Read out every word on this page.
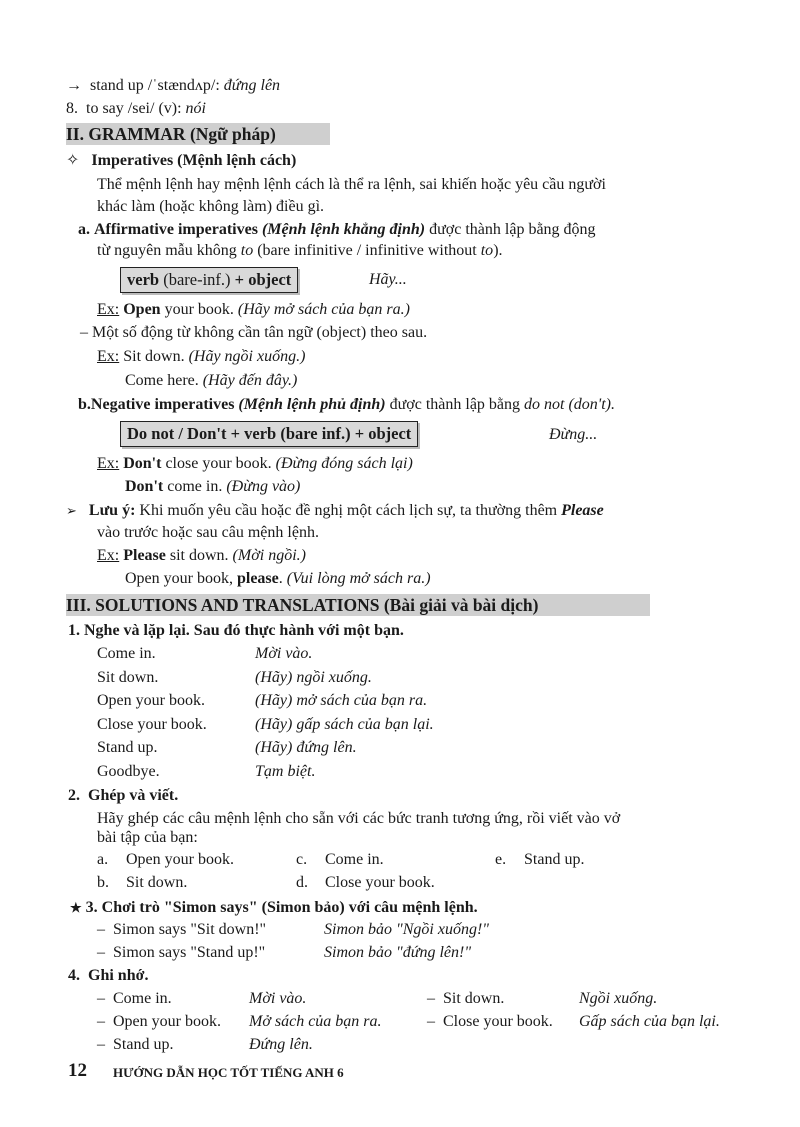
→ stand up /ˈstændʌp/: đứng lên
8. to say /sei/ (v): nói
II. GRAMMAR (Ngữ pháp)
✧ Imperatives (Mệnh lệnh cách)
Thể mệnh lệnh hay mệnh lệnh cách là thể ra lệnh, sai khiến hoặc yêu cầu người
khác làm (hoặc không làm) điều gì.
a. Affirmative imperatives (Mệnh lệnh khẳng định) được thành lập bằng động
từ nguyên mẫu không to (bare infinitive / infinitive without to).
verb (bare-inf.) + object	Hãy...
Ex: Open your book. (Hãy mở sách của bạn ra.)
– Một số động từ không cần tân ngữ (object) theo sau.
Ex: Sit down. (Hãy ngồi xuống.)
Come here. (Hãy đến đây.)
b.Negative imperatives (Mệnh lệnh phủ định) được thành lập bằng do not (don't).
Do not / Don't + verb (bare inf.) + object	Đừng...
Ex: Don't close your book. (Đừng đóng sách lại)
Don't come in. (Đừng vào)
➢ Lưu ý: Khi muốn yêu cầu hoặc đề nghị một cách lịch sự, ta thường thêm Please
vào trước hoặc sau câu mệnh lệnh.
Ex: Please sit down. (Mời ngồi.)
Open your book, please. (Vui lòng mở sách ra.)
III. SOLUTIONS AND TRANSLATIONS (Bài giải và bài dịch)
1. Nghe và lặp lại. Sau đó thực hành với một bạn.
Come in.	Mời vào.
Sit down.	(Hãy) ngồi xuống.
Open your book.	(Hãy) mở sách của bạn ra.
Close your book.	(Hãy) gấp sách của bạn lại.
Stand up.	(Hãy) đứng lên.
Goodbye.	Tạm biệt.
2.  Ghép và viết.
Hãy ghép các câu mệnh lệnh cho sẵn với các bức tranh tương ứng, rồi viết vào vở
bài tập của bạn:
a. Open your book.	c. Come in.	e. Stand up.
b. Sit down.	d. Close your book.
★ 3. Chơi trò "Simon says" (Simon bảo) với câu mệnh lệnh.
–  Simon says "Sit down!"	Simon bảo "Ngồi xuống!"
–  Simon says "Stand up!"	Simon bảo "đứng lên!"
4.  Ghi nhớ.
–  Come in.	Mời vào.	–  Sit down.	Ngồi xuống.
–  Open your book. Mở sách của bạn ra.	–  Close your book. Gấp sách của bạn lại.
–  Stand up.	Đứng lên.
12 HƯỚNG DẪN HỌC TỐT TIẾNG ANH 6
